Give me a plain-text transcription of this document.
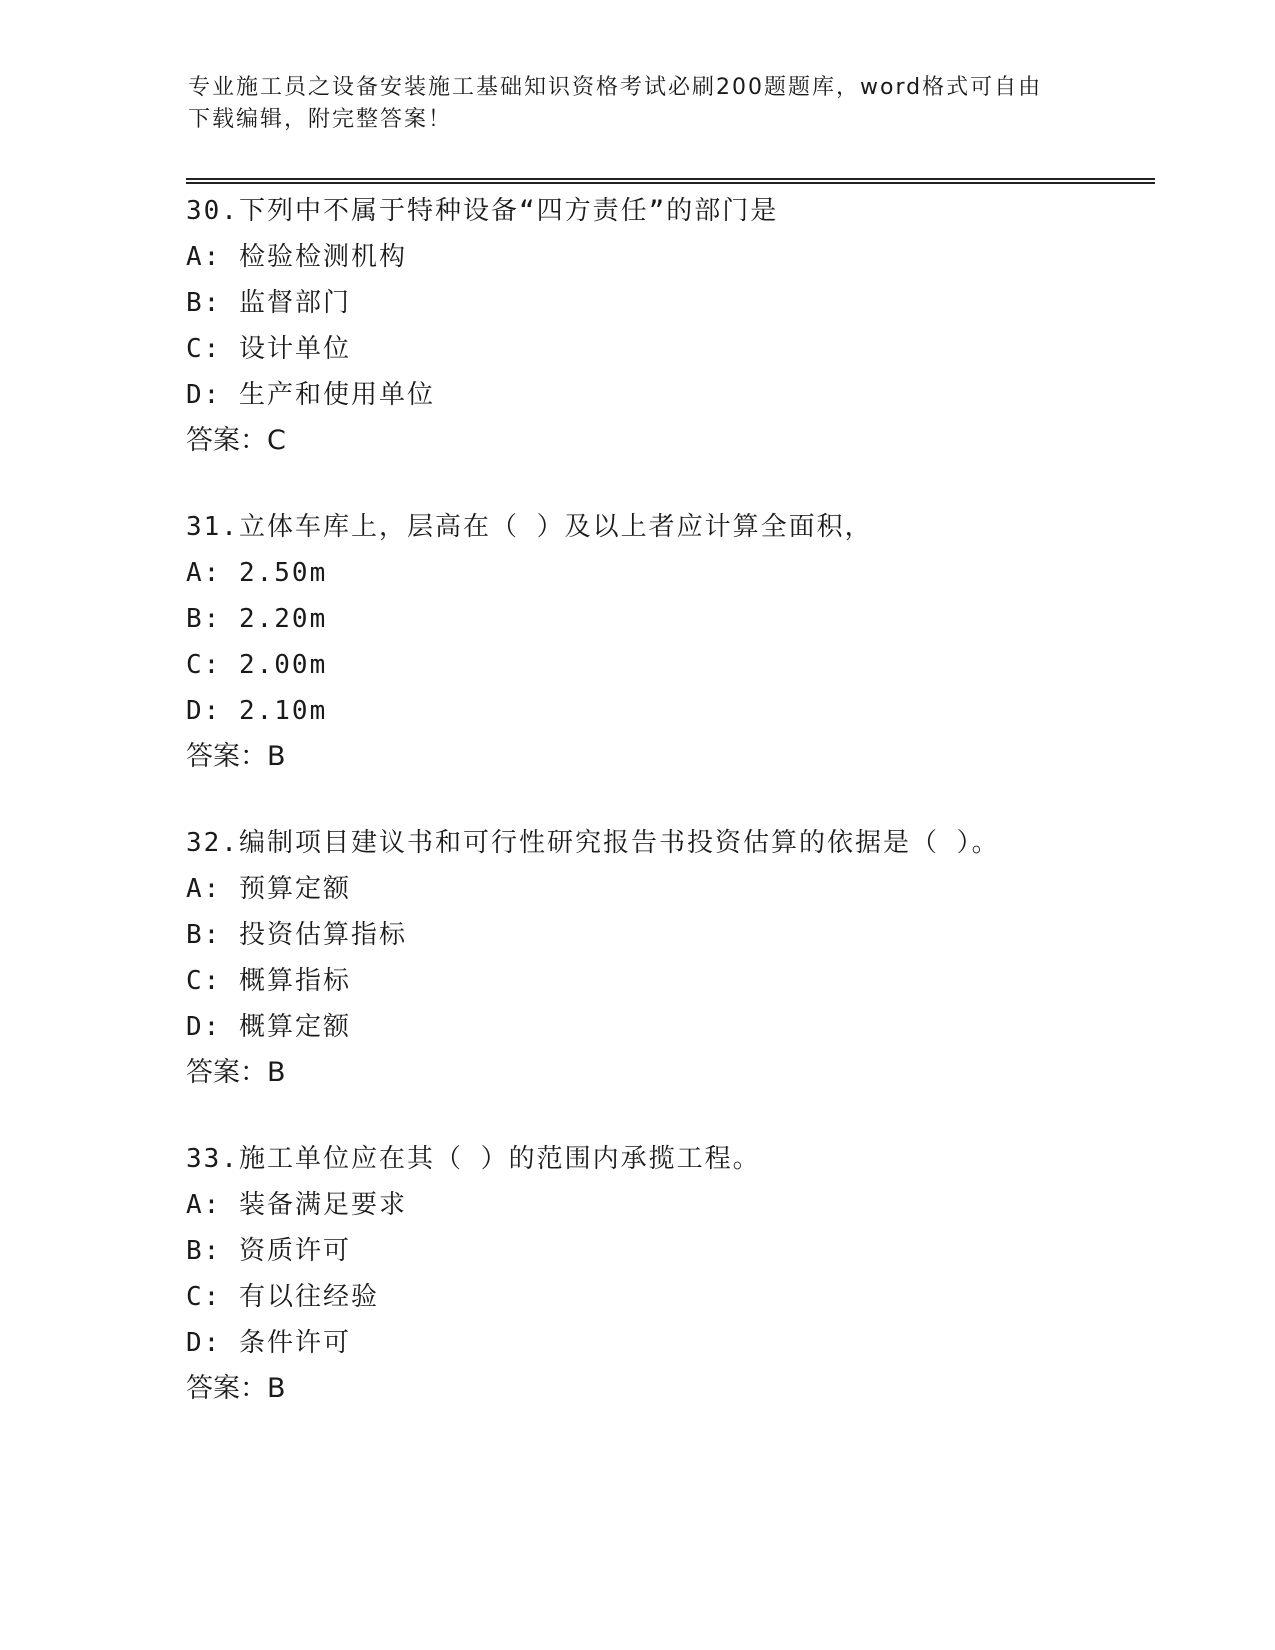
专业施工员之设备安装施工基础知识资格考试必刷200题题库，word格式可自由
下载编辑，附完整答案！
30.下列中不属于特种设备“四方责任”的部门是
A: 检验检测机构
B: 监督部门
C: 设计单位
D: 生产和使用单位
答案：C
31.立体车库上，层高在（ ）及以上者应计算全面积，
A: 2.50m
B: 2.20m
C: 2.00m
D: 2.10m
答案：B
32.编制项目建议书和可行性研究报告书投资估算的依据是（ ）。
A: 预算定额
B: 投资估算指标
C: 概算指标
D: 概算定额
答案：B
33.施工单位应在其（ ）的范围内承揽工程。
A: 装备满足要求
B: 资质许可
C: 有以往经验
D: 条件许可
答案：B
